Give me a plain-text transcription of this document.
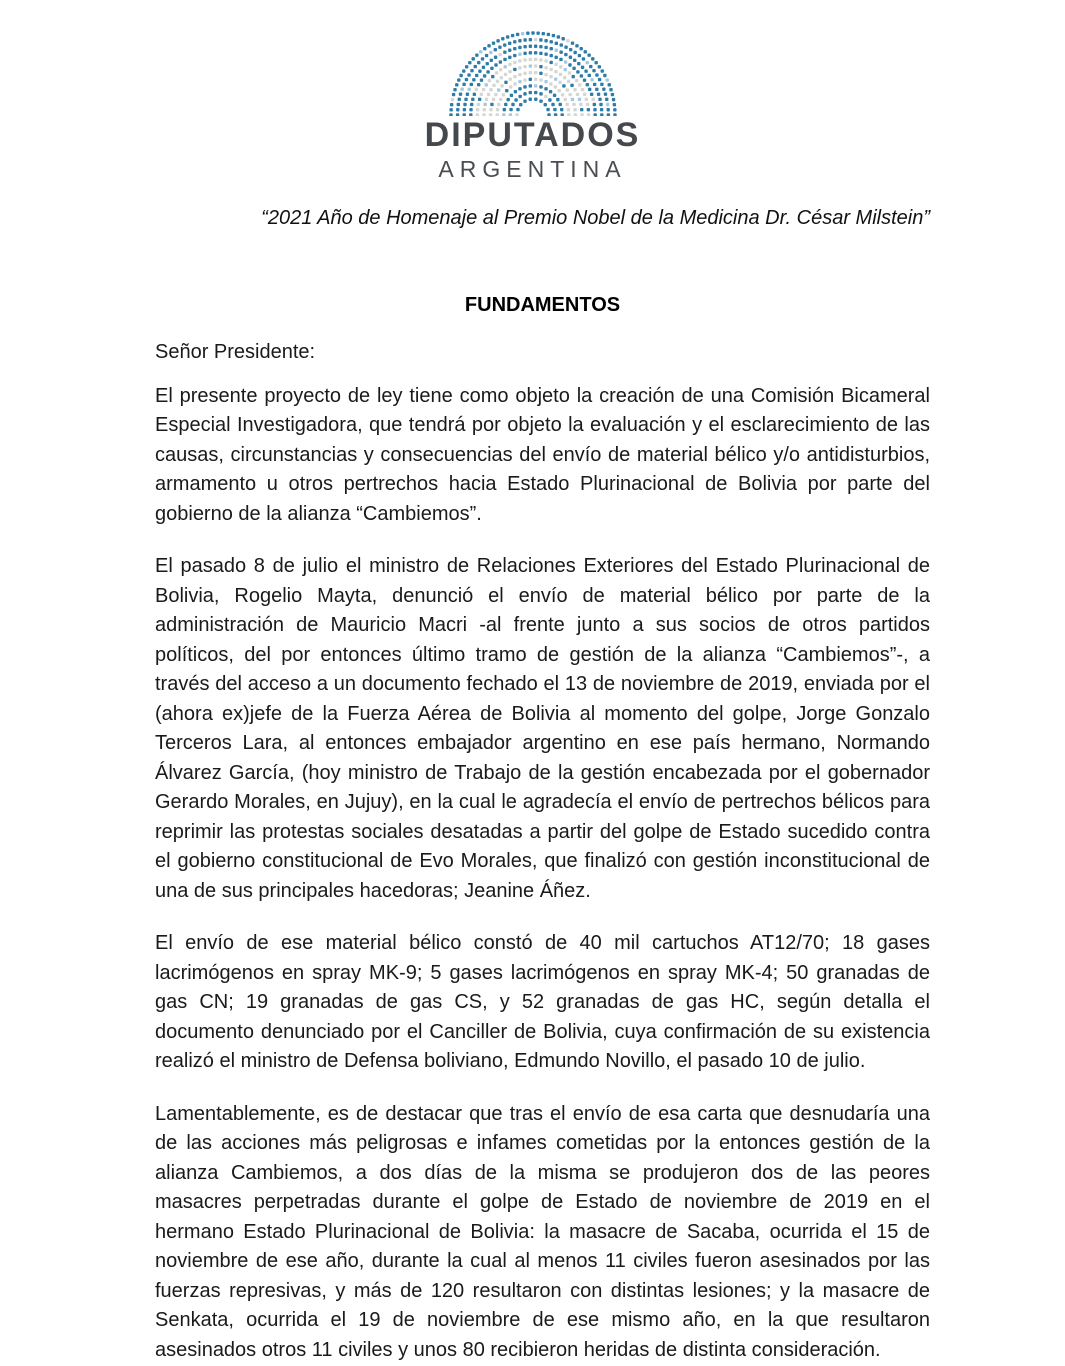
DIPUTADOS
ARGENTINA
“2021 Año de Homenaje al Premio Nobel de la Medicina Dr. César Milstein”
FUNDAMENTOS
Señor Presidente:

El presente proyecto de ley tiene como objeto la creación de una Comisión Bicameral Especial Investigadora, que tendrá por objeto la evaluación y el esclarecimiento de las causas, circunstancias y consecuencias del envío de material bélico y/o antidisturbios, armamento u otros pertrechos hacia Estado Plurinacional de Bolivia por parte del gobierno de la alianza “Cambiemos”.

El pasado 8 de julio el ministro de Relaciones Exteriores del Estado Plurinacional de Bolivia, Rogelio Mayta, denunció el envío de material bélico por parte de la administración de Mauricio Macri -al frente junto a sus socios de otros partidos políticos, del por entonces último tramo de gestión de la alianza “Cambiemos”-, a través del acceso a un documento fechado el 13 de noviembre de 2019, enviada por el (ahora ex)jefe de la Fuerza Aérea de Bolivia al momento del golpe, Jorge Gonzalo Terceros Lara, al entonces embajador argentino en ese país hermano, Normando Álvarez García, (hoy ministro de Trabajo de la gestión encabezada por el gobernador Gerardo Morales, en Jujuy), en la cual le agradecía el envío de pertrechos bélicos para reprimir las protestas sociales desatadas a partir del golpe de Estado sucedido contra el gobierno constitucional de Evo Morales, que finalizó con gestión inconstitucional de una de sus principales hacedoras; Jeanine Áñez.

El envío de ese material bélico constó de 40 mil cartuchos AT12/70; 18 gases lacrimógenos en spray MK-9; 5 gases lacrimógenos en spray MK-4; 50 granadas de gas CN; 19 granadas de gas CS, y 52 granadas de gas HC, según detalla el documento denunciado por el Canciller de Bolivia, cuya confirmación de su existencia realizó el ministro de Defensa boliviano, Edmundo Novillo, el pasado 10 de julio.

Lamentablemente, es de destacar que tras el envío de esa carta que desnudaría una de las acciones más peligrosas e infames cometidas por la entonces gestión de la alianza Cambiemos, a dos días de la misma se produjeron dos de las peores masacres perpetradas durante el golpe de Estado de noviembre de 2019 en el hermano Estado Plurinacional de Bolivia: la masacre de Sacaba, ocurrida el 15 de noviembre de ese año, durante la cual al menos 11 civiles fueron asesinados por las fuerzas represivas, y más de 120 resultaron con distintas lesiones; y la masacre de Senkata, ocurrida el 19 de noviembre de ese mismo año, en la que resultaron asesinados otros 11 civiles y unos 80 recibieron heridas de distinta consideración.
